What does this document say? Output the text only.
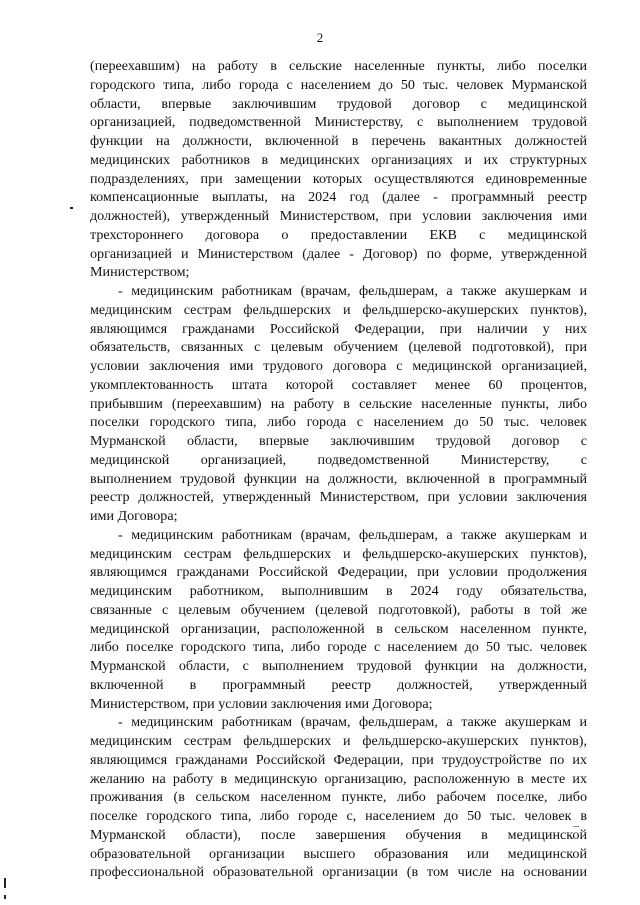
2
(переехавшим) на работу в сельские населенные пункты, либо поселки
городского типа, либо города с населением до 50 тыс. человек Мурманской
области, впервые заключившим трудовой договор с медицинской
организацией, подведомственной Министерству, с выполнением трудовой
функции на должности, включенной в перечень вакантных должностей
медицинских работников в медицинских организациях и их структурных
подразделениях, при замещении которых осуществляются единовременные
компенсационные выплаты, на 2024 год (далее - программный реестр
должностей), утвержденный Министерством, при условии заключения ими
трехстороннего договора о предоставлении ЕКВ с медицинской
организацией и Министерством (далее - Договор) по форме, утвержденной
Министерством;
- медицинским работникам (врачам, фельдшерам, а также акушеркам и
медицинским сестрам фельдшерских и фельдшерско-акушерских пунктов),
являющимся гражданами Российской Федерации, при наличии у них
обязательств, связанных с целевым обучением (целевой подготовкой), при
условии заключения ими трудового договора с медицинской организацией,
укомплектованность штата которой составляет менее 60 процентов,
прибывшим (переехавшим) на работу в сельские населенные пункты, либо
поселки городского типа, либо города с населением до 50 тыс. человек
Мурманской области, впервые заключившим трудовой договор с
медицинской организацией, подведомственной Министерству, с
выполнением трудовой функции на должности, включенной в программный
реестр должностей, утвержденный Министерством, при условии заключения
ими Договора;
- медицинским работникам (врачам, фельдшерам, а также акушеркам и
медицинским сестрам фельдшерских и фельдшерско-акушерских пунктов),
являющимся гражданами Российской Федерации, при условии продолжения
медицинским работником, выполнившим в 2024 году обязательства,
связанные с целевым обучением (целевой подготовкой), работы в той же
медицинской организации, расположенной в сельском населенном пункте,
либо поселке городского типа, либо городе с населением до 50 тыс. человек
Мурманской области, с выполнением трудовой функции на должности,
включенной в программный реестр должностей, утвержденный
Министерством, при условии заключения ими Договора;
- медицинским работникам (врачам, фельдшерам, а также акушеркам и
медицинским сестрам фельдшерских и фельдшерско-акушерских пунктов),
являющимся гражданами Российской Федерации, при трудоустройстве по их
желанию на работу в медицинскую организацию, расположенную в месте их
проживания (в сельском населенном пункте, либо рабочем поселке, либо
поселке городского типа, либо городе с, населением до 50 тыс. человек в
Мурманской области), после завершения обучения в медицинской
образовательной организации высшего образования или медицинской
профессиональной образовательной организации (в том числе на основании
